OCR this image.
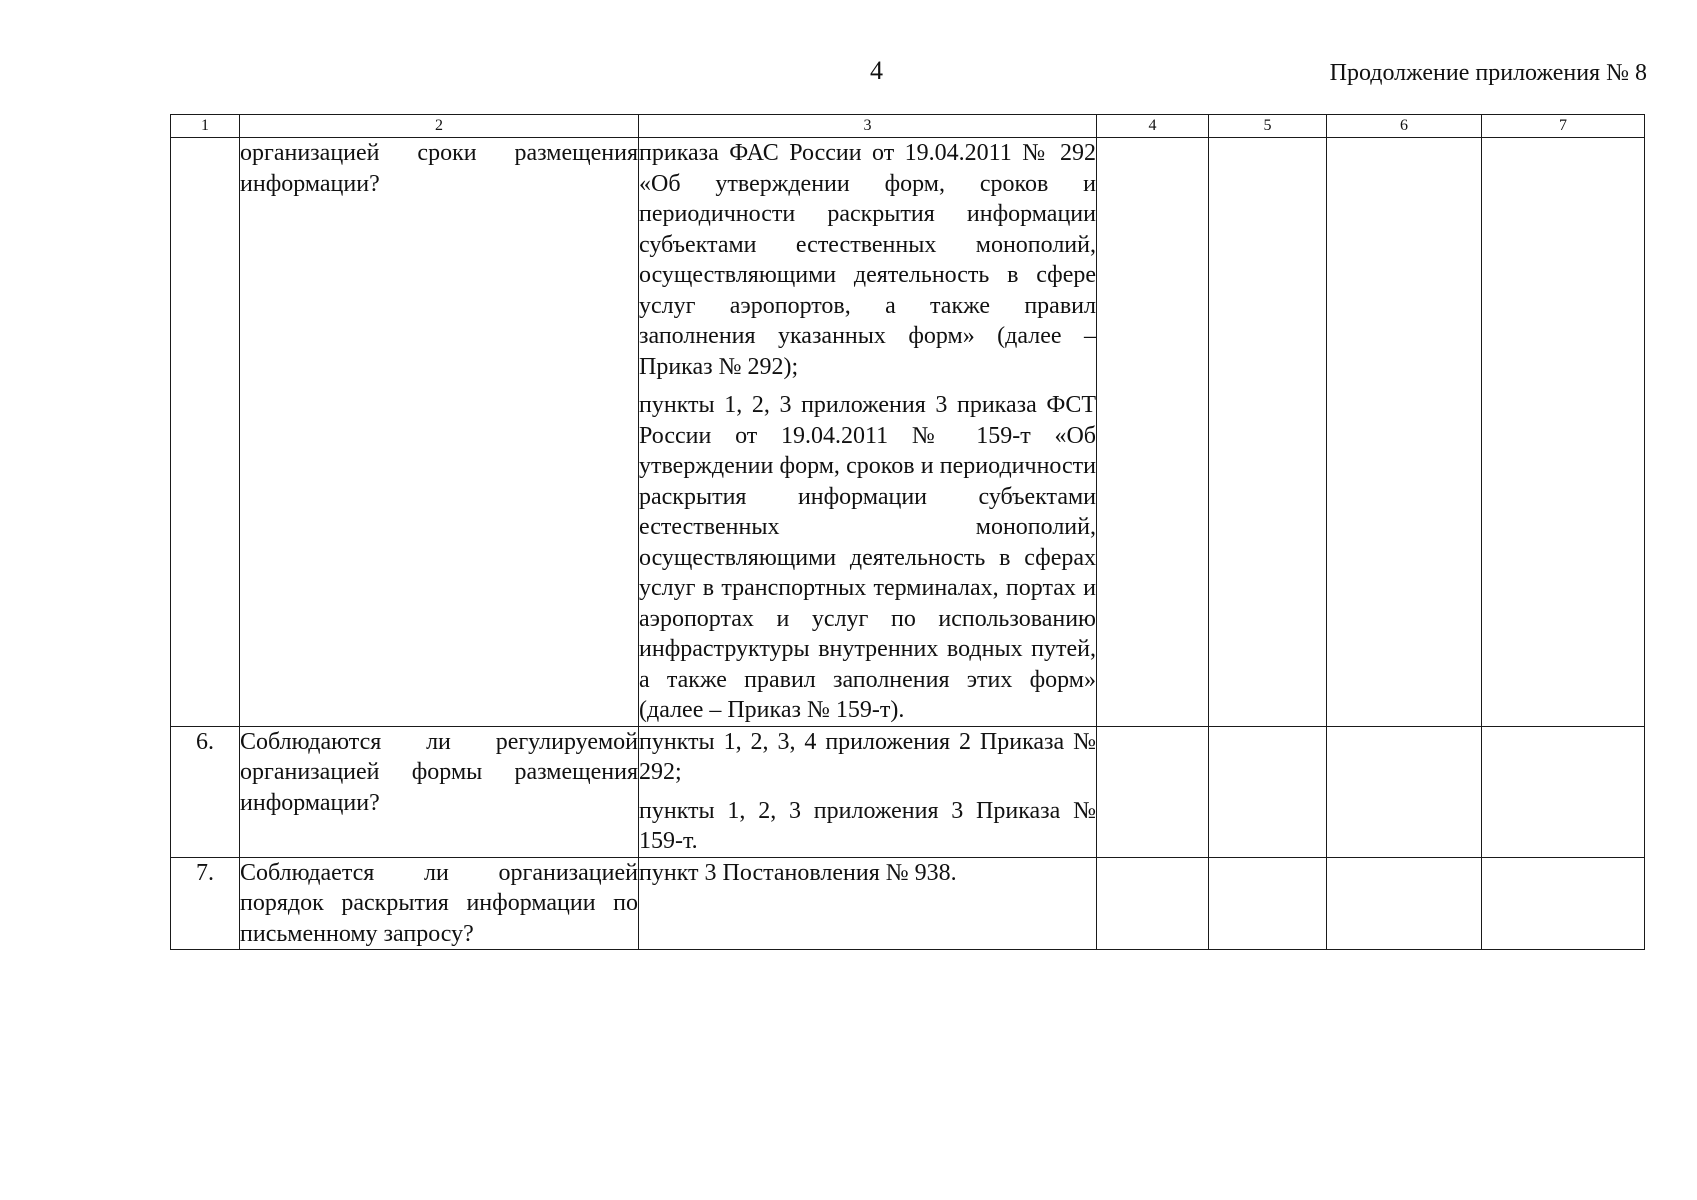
4	Продолжение приложения № 8
1	2	3	4	5	6	7

	организацией сроки размещения информации?	приказа ФАС России от 19.04.2011 № 292 «Об утверждении форм, сроков и периодичности раскрытия информации субъектами естественных монополий, осуществляющими деятельность в сфере услуг аэропортов, а также правил заполнения указанных форм» (далее – Приказ № 292);

пункты 1, 2, 3 приложения 3 приказа ФСТ России от 19.04.2011 № 159-т «Об утверждении форм, сроков и периодичности раскрытия информации субъектами естественных монополий, осуществляющими деятельность в сферах услуг в транспортных терминалах, портах и аэропортах и услуг по использованию инфраструктуры внутренних водных путей, а также правил заполнения этих форм» (далее – Приказ № 159-т).				

6.	Соблюдаются ли регулируемой организацией формы размещения информации?	пункты 1, 2, 3, 4 приложения 2 Приказа № 292;

пункты 1, 2, 3 приложения 3 Приказа № 159-т.				

7.	Соблюдается ли организацией порядок раскрытия информации по письменному запросу?	пункт 3 Постановления № 938.				
